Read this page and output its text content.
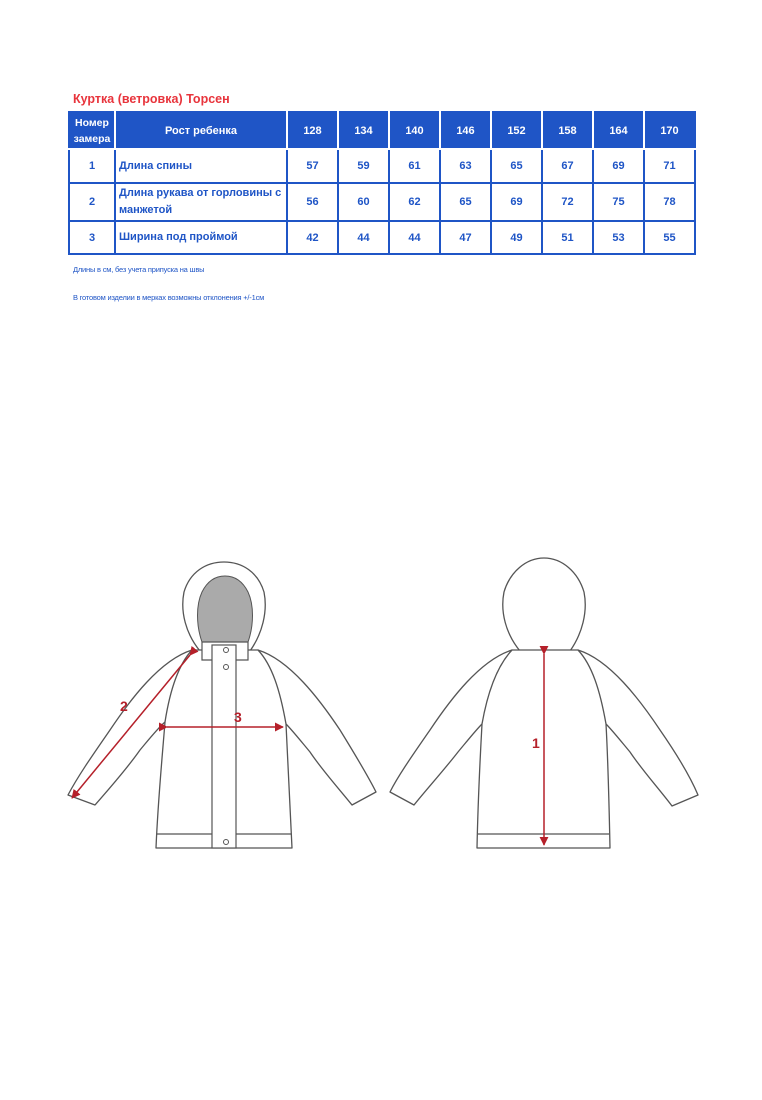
Куртка (ветровка) Торсен
Номер
замера	Рост ребенка	128	134	140	146	152	158	164	170
1	Длина спины	57	59	61	63	65	67	69	71
2	Длина рукава от горловины с манжетой	56	60	62	65	69	72	75	78
3	Ширина под проймой	42	44	44	47	49	51	53	55
Длины в см, без учета припуска на швы
В готовом изделии в мерках возможны отклонения +/-1см
2
3
1
